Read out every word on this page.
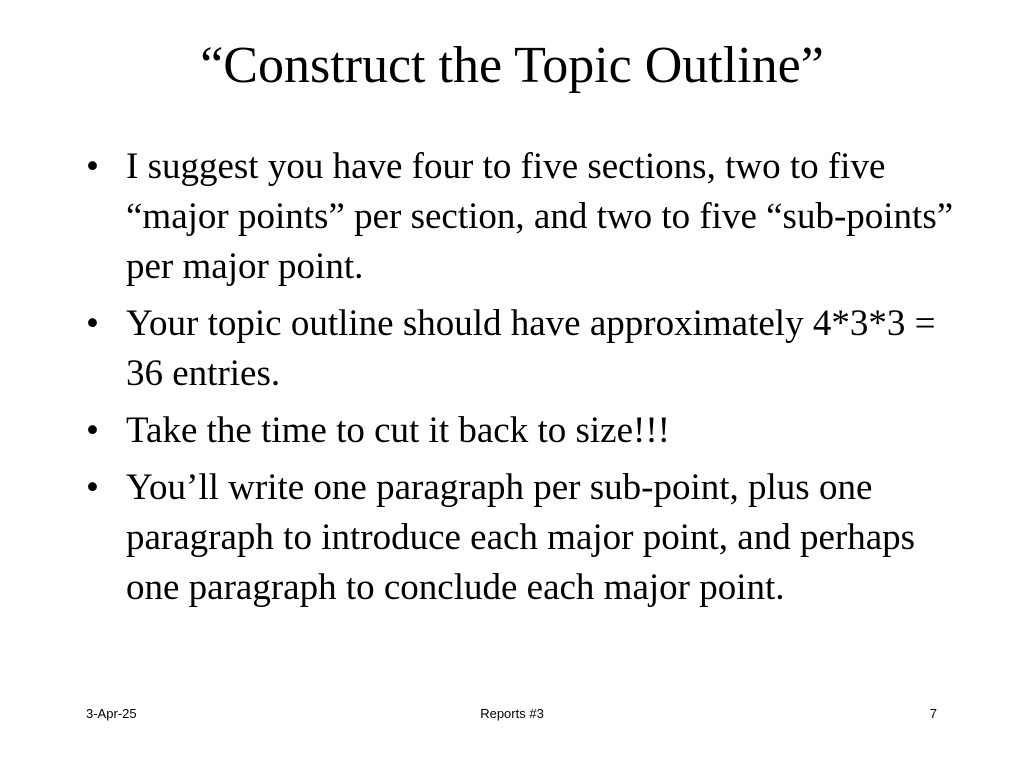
“Construct the Topic Outline”
• I suggest you have four to five sections, two to five “major points” per section, and two to five “sub-points” per major point.
• Your topic outline should have approximately 4*3*3 = 36 entries.
• Take the time to cut it back to size!!!
• You’ll write one paragraph per sub-point, plus one paragraph to introduce each major point, and perhaps one paragraph to conclude each major point.
3-Apr-25	Reports #3	7
